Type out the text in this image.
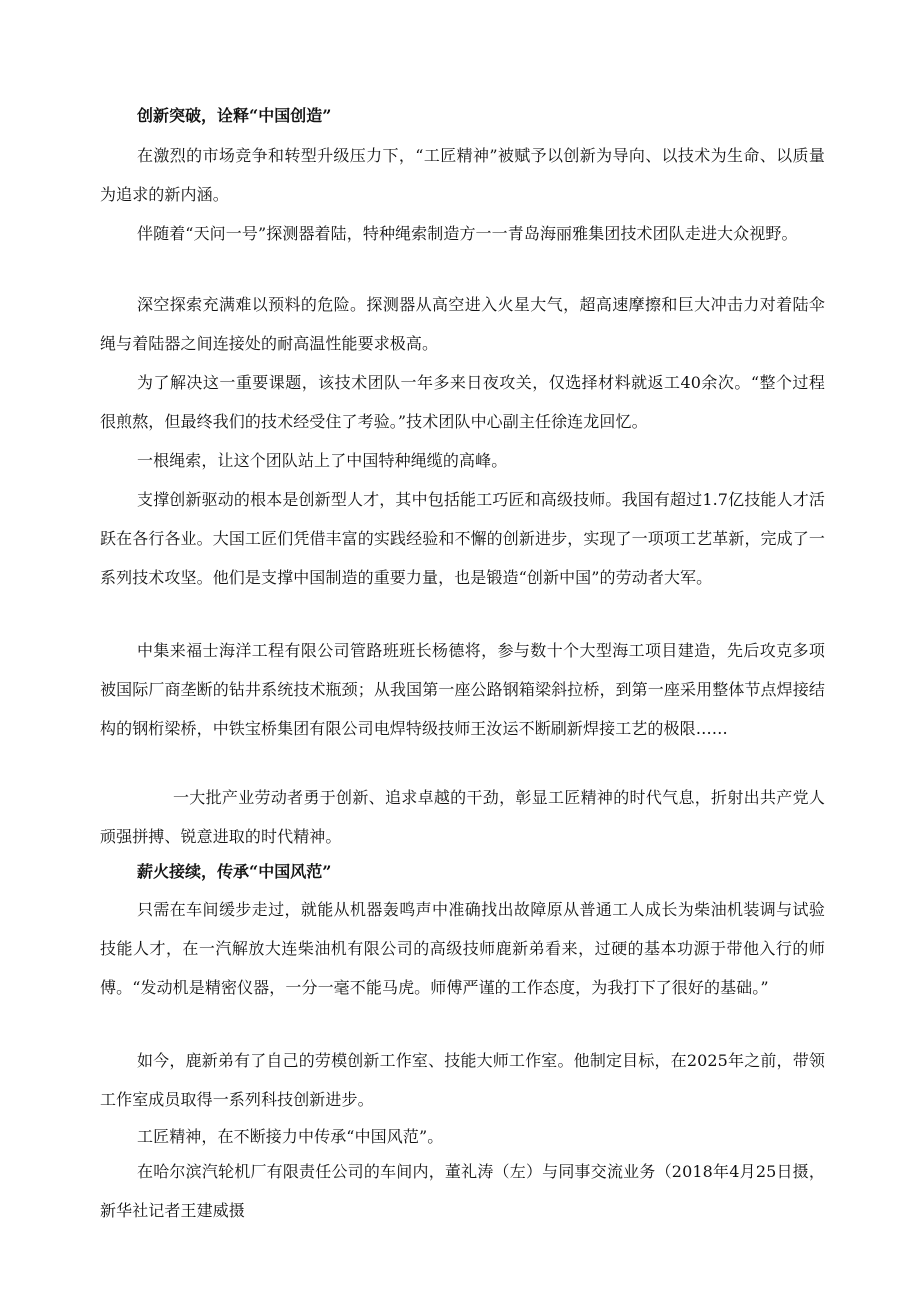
创新突破，诠释“中国创造”
在激烈的市场竞争和转型升级压力下，“工匠精神”被赋予以创新为导向、以技术为生命、以质量为追求的新内涵。
伴随着“天问一号”探测器着陆，特种绳索制造方一一青岛海丽雅集团技术团队走进大众视野。
深空探索充满难以预料的危险。探测器从高空进入火星大气，超高速摩擦和巨大冲击力对着陆伞绳与着陆器之间连接处的耐高温性能要求极高。
为了解决这一重要课题，该技术团队一年多来日夜攻关，仅选择材料就返工40余次。“整个过程很煎熬，但最终我们的技术经受住了考验。”技术团队中心副主任徐连龙回忆。
一根绳索，让这个团队站上了中国特种绳缆的高峰。
支撑创新驱动的根本是创新型人才，其中包括能工巧匠和高级技师。我国有超过1.7亿技能人才活跃在各行各业。大国工匠们凭借丰富的实践经验和不懈的创新进步，实现了一项项工艺革新，完成了一系列技术攻坚。他们是支撑中国制造的重要力量，也是锻造“创新中国”的劳动者大军。
中集来福士海洋工程有限公司管路班班长杨德将，参与数十个大型海工项目建造，先后攻克多项被国际厂商垄断的钻井系统技术瓶颈；从我国第一座公路钢箱梁斜拉桥，到第一座采用整体节点焊接结构的钢桁梁桥，中铁宝桥集团有限公司电焊特级技师王汝运不断刷新焊接工艺的极限……
一大批产业劳动者勇于创新、追求卓越的干劲，彰显工匠精神的时代气息，折射出共产党人顽强拼搏、锐意进取的时代精神。
薪火接续，传承“中国风范”
只需在车间缓步走过，就能从机器轰鸣声中准确找出故障原从普通工人成长为柴油机装调与试验技能人才，在一汽解放大连柴油机有限公司的高级技师鹿新弟看来，过硬的基本功源于带他入行的师傅。“发动机是精密仪器，一分一毫不能马虎。师傅严谨的工作态度，为我打下了很好的基础。”
如今，鹿新弟有了自己的劳模创新工作室、技能大师工作室。他制定目标，在2025年之前，带领工作室成员取得一系列科技创新进步。
工匠精神，在不断接力中传承“中国风范”。
在哈尔滨汽轮机厂有限责任公司的车间内，董礼涛（左）与同事交流业务（2018年4月25日摄，新华社记者王建威摄
